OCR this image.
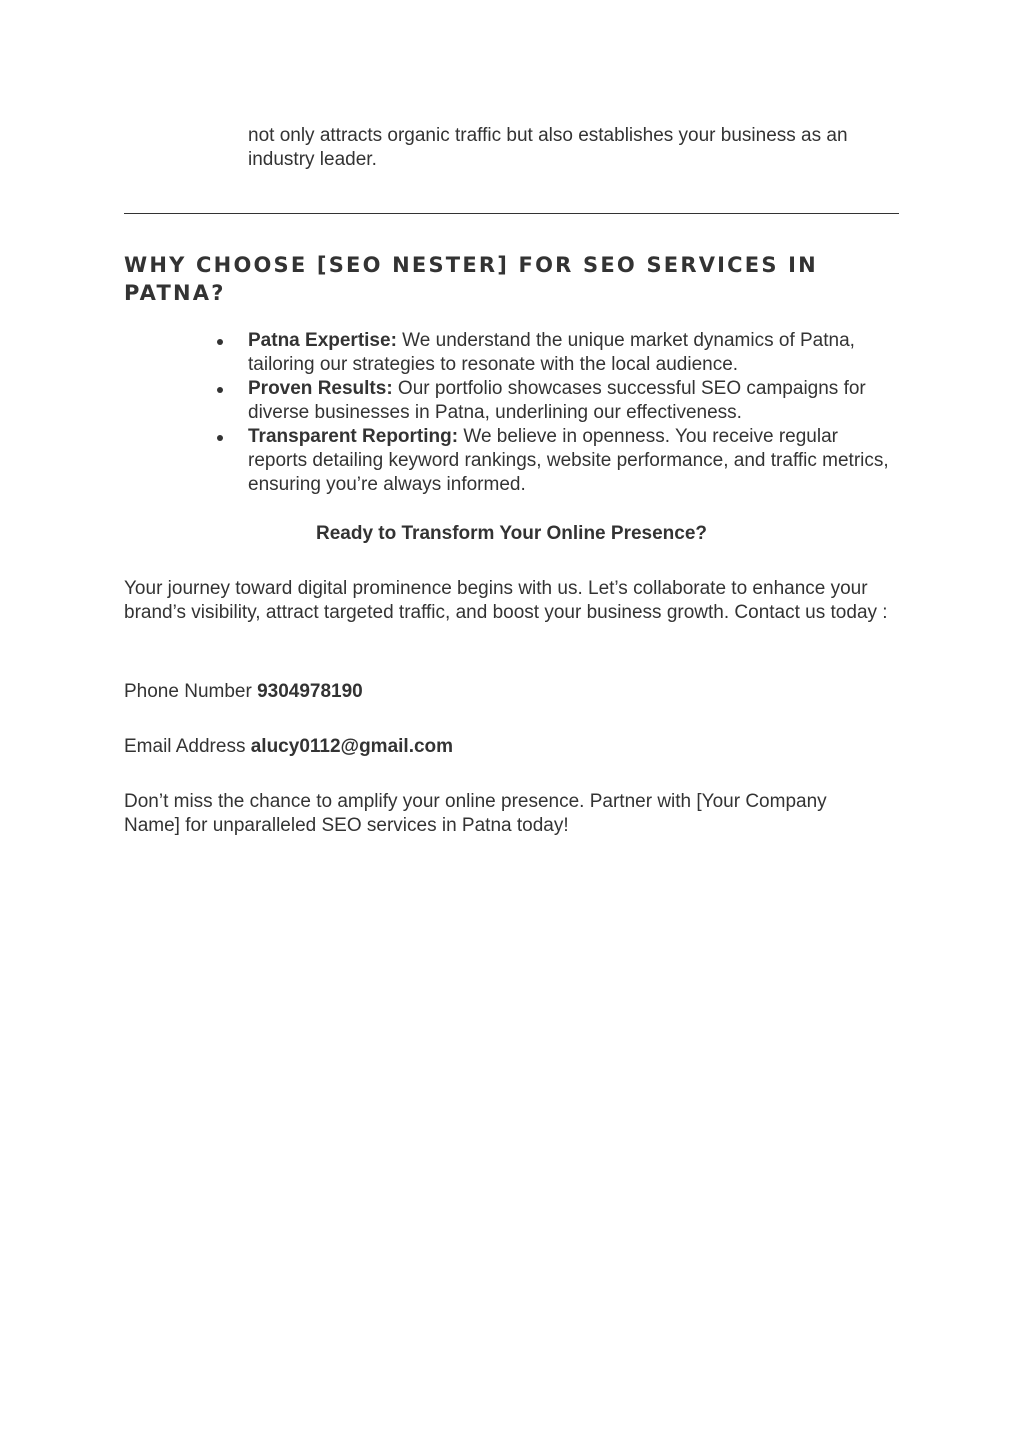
not only attracts organic traffic but also establishes your business as an industry leader.

WHY CHOOSE [SEO NESTER] FOR SEO SERVICES IN PATNA?
Patna Expertise: We understand the unique market dynamics of Patna, tailoring our strategies to resonate with the local audience.
Proven Results: Our portfolio showcases successful SEO campaigns for diverse businesses in Patna, underlining our effectiveness.
Transparent Reporting: We believe in openness. You receive regular reports detailing keyword rankings, website performance, and traffic metrics, ensuring you’re always informed.

Ready to Transform Your Online Presence?

Your journey toward digital prominence begins with us. Let’s collaborate to enhance your brand’s visibility, attract targeted traffic, and boost your business growth. Contact us today :

Phone Number 9304978190

Email Address alucy0112@gmail.com

Don’t miss the chance to amplify your online presence. Partner with [Your Company Name] for unparalleled SEO services in Patna today!
